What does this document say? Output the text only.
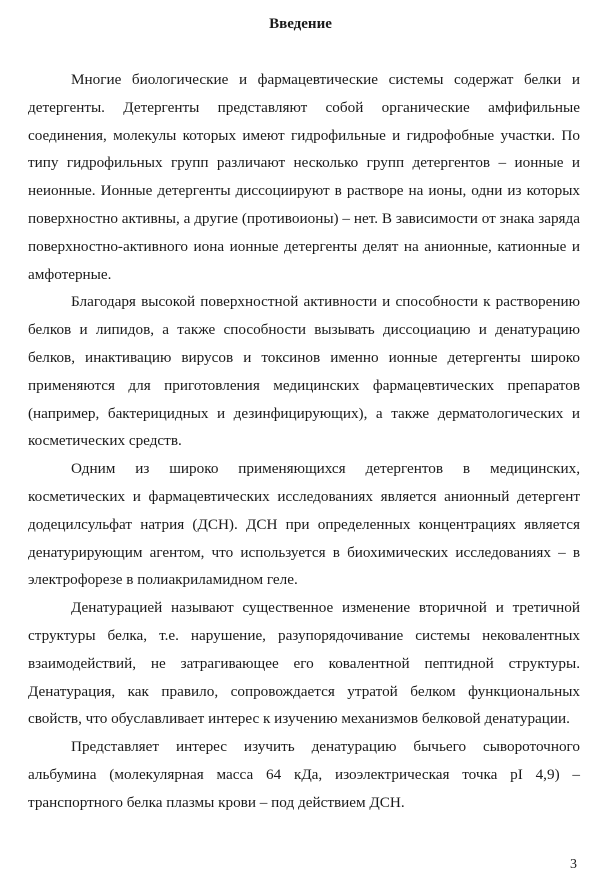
Введение

Многие биологические и фармацевтические системы содержат белки и детергенты. Детергенты представляют собой органические амфифильные соединения, молекулы которых имеют гидрофильные и гидрофобные участки. По типу гидрофильных групп различают несколько групп детергентов – ионные и неионные. Ионные детергенты диссоциируют в растворе на ионы, одни из которых поверхностно активны, а другие (противоионы) – нет. В зависимости от знака заряда поверхностно-активного иона ионные детергенты делят на анионные, катионные и амфотерные.

Благодаря высокой поверхностной активности и способности к растворению белков и липидов, а также способности вызывать диссоциацию и денатурацию белков, инактивацию вирусов и токсинов именно ионные детергенты широко применяются для приготовления медицинских фармацевтических препаратов (например, бактерицидных и дезинфицирующих), а также дерматологических и косметических средств.

Одним из широко применяющихся детергентов в медицинских, косметических и фармацевтических исследованиях является анионный детергент додецилсульфат натрия (ДСН). ДСН при определенных концентрациях является денатурирующим агентом, что используется в биохимических исследованиях – в электрофорезе в полиакриламидном геле.

Денатурацией называют существенное изменение вторичной и третичной структуры белка, т.е. нарушение, разупорядочивание системы нековалентных взаимодействий, не затрагивающее его ковалентной пептидной структуры. Денатурация, как правило, сопровождается утратой белком функциональных свойств, что обуславливает интерес к изучению механизмов белковой денатурации.

Представляет интерес изучить денатурацию бычьего сывороточного альбумина (молекулярная масса 64 кДа, изоэлектрическая точка pI 4,9) – транспортного белка плазмы крови – под действием ДСН.

3
